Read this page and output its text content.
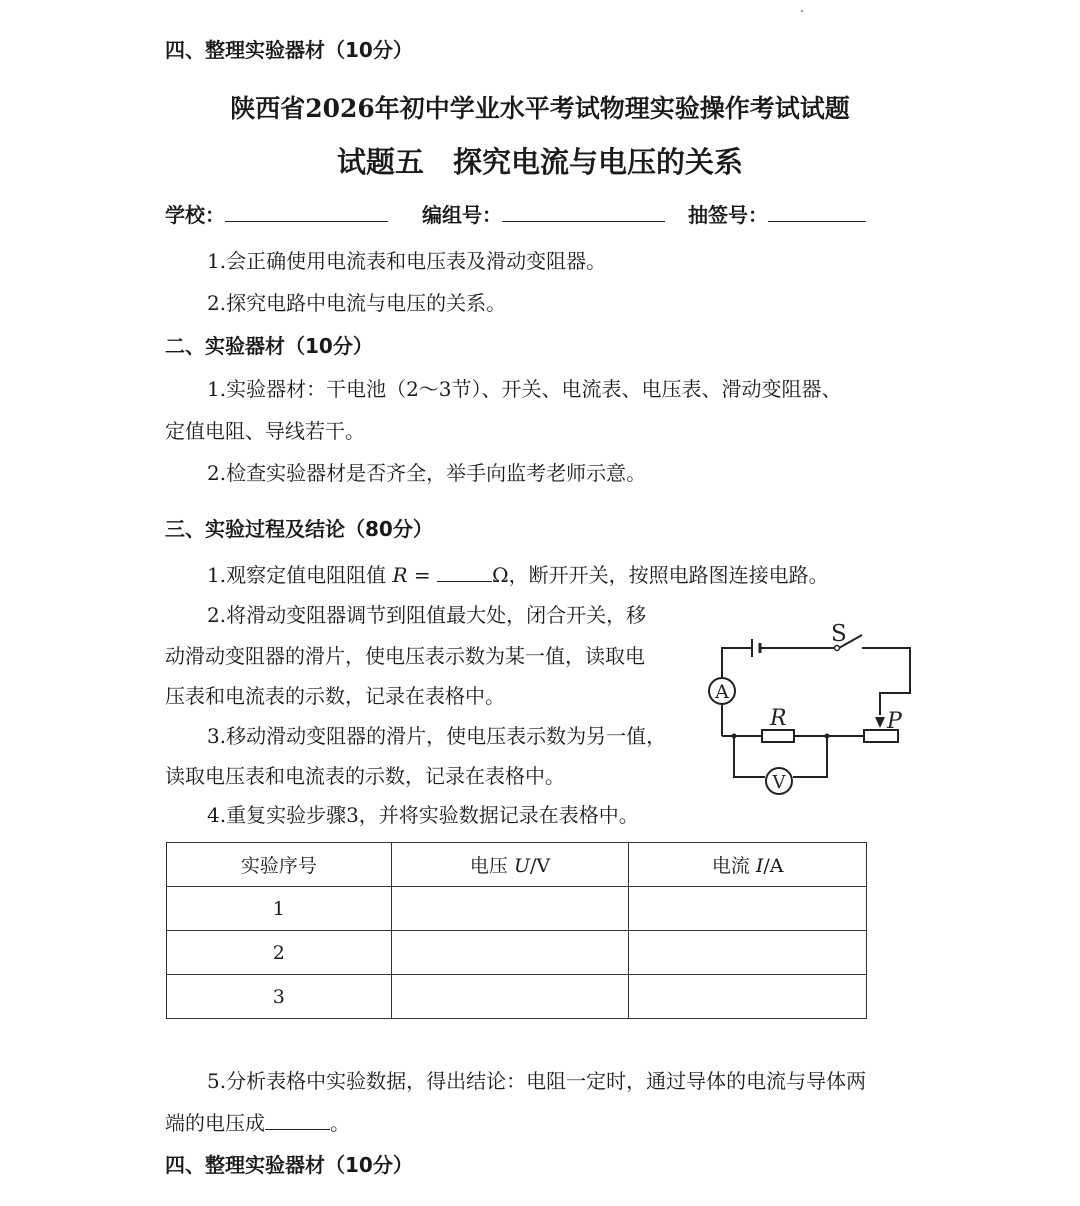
四、整理实验器材（10分）
陕西省2026年初中学业水平考试物理实验操作考试试题
试题五　探究电流与电压的关系
学校：	编组号：	抽签号：
1.会正确使用电流表和电压表及滑动变阻器。
2.探究电路中电流与电压的关系。
二、实验器材（10分）
1.实验器材：干电池（2～3节）、开关、电流表、电压表、滑动变阻器、
定值电阻、导线若干。
2.检查实验器材是否齐全，举手向监考老师示意。
三、实验过程及结论（80分）
1.观察定值电阻阻值 R =	Ω，断开开关，按照电路图连接电路。
2.将滑动变阻器调节到阻值最大处，闭合开关，移
动滑动变阻器的滑片，使电压表示数为某一值，读取电
压表和电流表的示数，记录在表格中。
3.移动滑动变阻器的滑片，使电压表示数为另一值，
读取电压表和电流表的示数，记录在表格中。
4.重复实验步骤3，并将实验数据记录在表格中。
A
V
S
R	P
实验序号	电压 U/V	电流 I/A
1		
2		
3		
5.分析表格中实验数据，得出结论：电阻一定时，通过导体的电流与导体两
端的电压成	。
四、整理实验器材（10分）
